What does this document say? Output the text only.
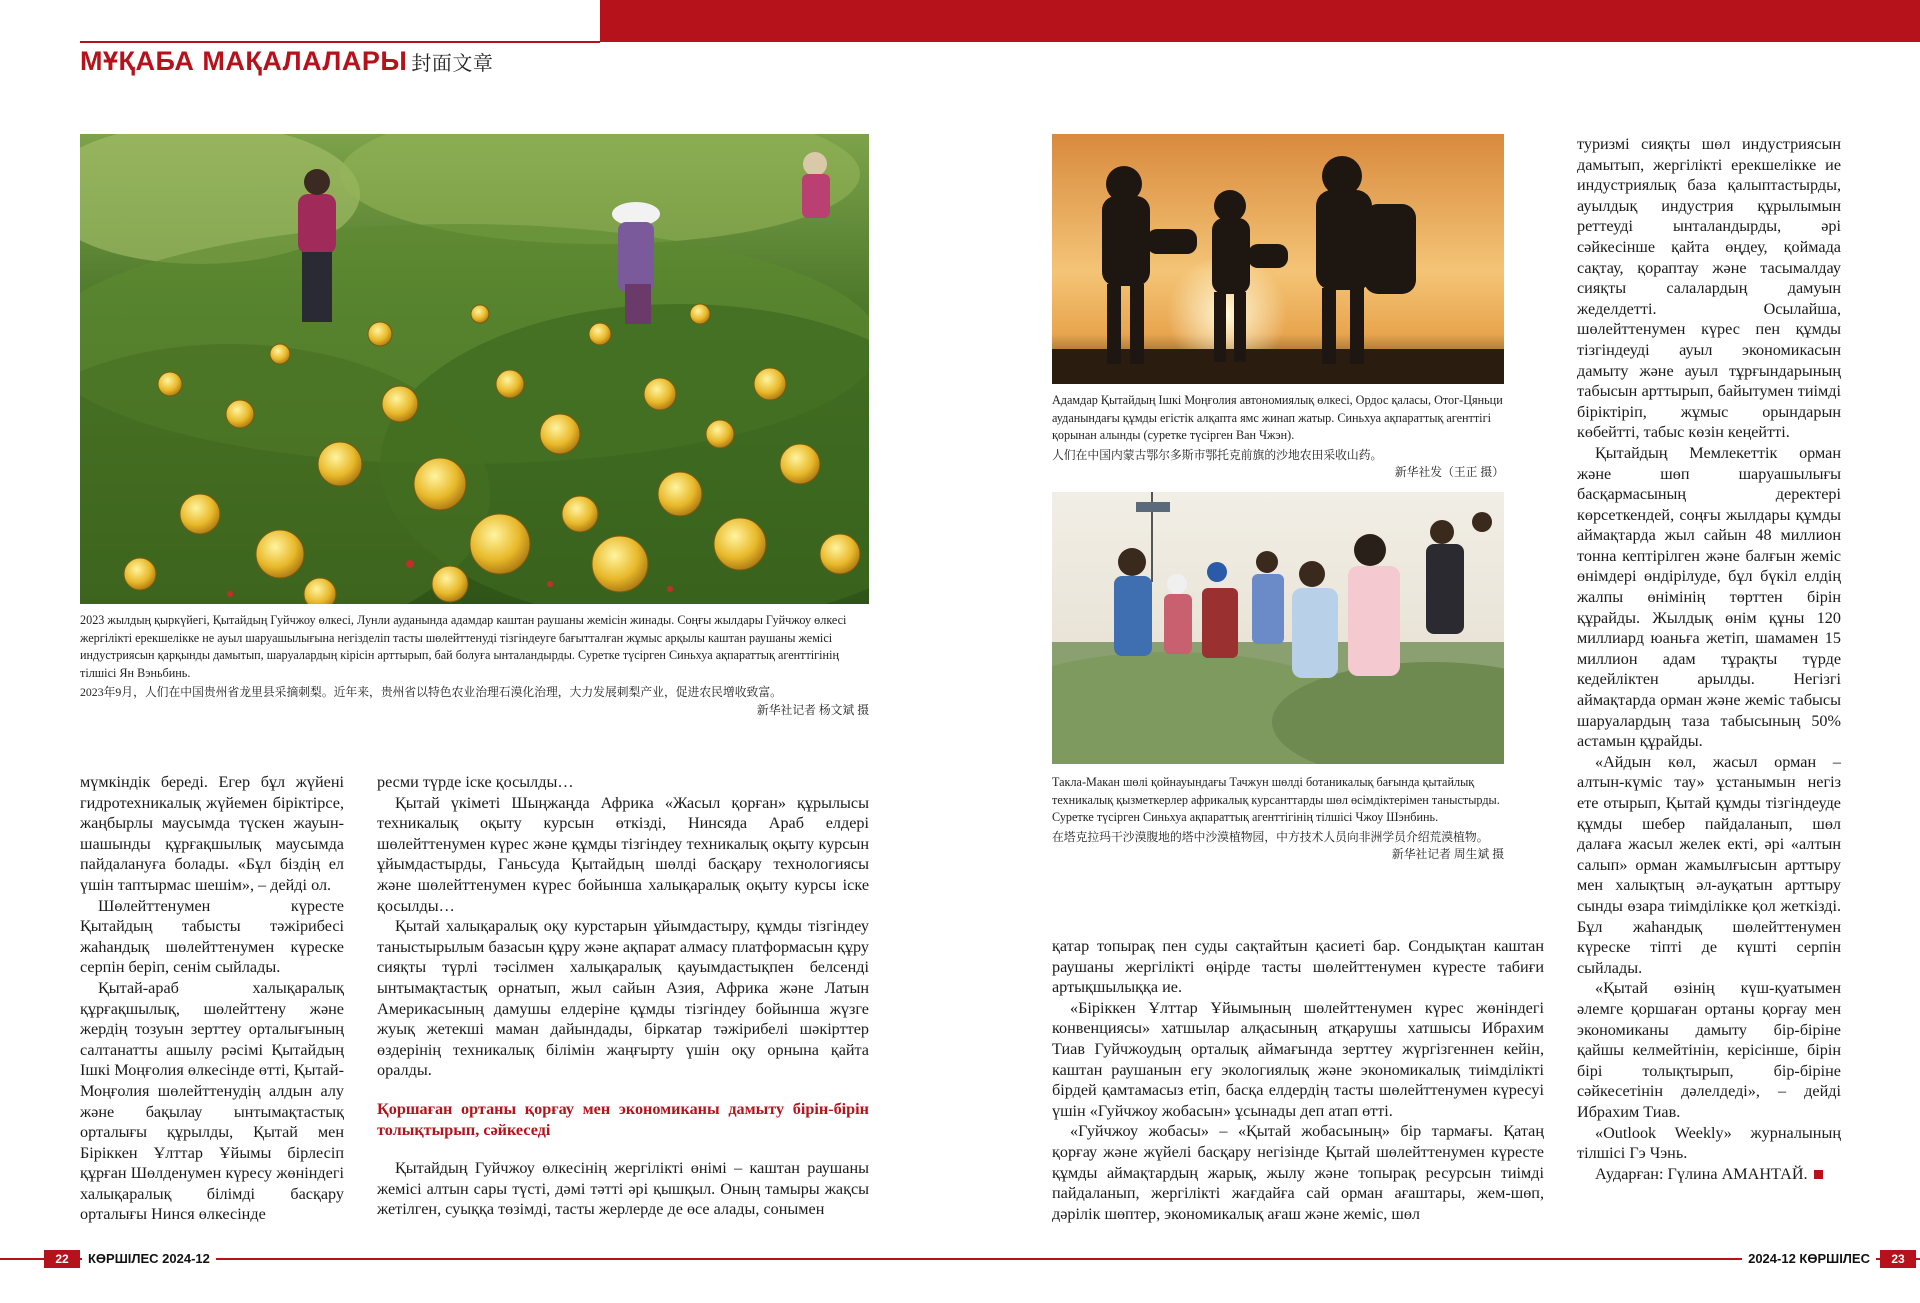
МҰҚАБА МАҚАЛАЛАРЫ 封面文章
2023 жылдың қыркүйегі, Қытайдың Гуйчжоу өлкесі, Лунли ауданында адамдар каштан раушаны жемісін жинады. Соңғы жылдары Гуйчжоу өлкесі жергілікті ерекшелікке не ауыл шаруашылығына негізделіп тасты шөлейттенуді тізгіндеуге бағытталған жұмыс арқылы каштан раушаны жемісі индустриясын қарқынды дамытып, шаруалардың кірісін арттырып, бай болуға ынталандырды. Суретке түсірген Синьхуа ақпараттық агенттігінің тілшісі Ян Вэньбинь.
2023年9月，人们在中国贵州省龙里县采摘刺梨。近年来，贵州省以特色农业治理石漠化治理，大力发展刺梨产业，促进农民增收致富。
新华社记者 杨文斌 摄
Адамдар Қытайдың Ішкі Моңғолия автономиялық өлкесі, Ордос қаласы, Отог-Цяньци ауданындағы құмды егістік алқапта ямс жинап жатыр. Синьхуа ақпараттық агенттігі қорынан алынды (суретке түсірген Ван Чжэн).
人们在中国内蒙古鄂尔多斯市鄂托克前旗的沙地农田采收山药。
新华社发（王正 摄）
Такла-Макан шөлі қойнауындағы Тачжун шөлді ботаникалық бағында қытайлық техникалық қызметкерлер африкалық курсанттарды шөл өсімдіктерімен таныстырды. Суретке түсірген Синьхуа ақпараттық агенттігінің тілшісі Чжоу Шэнбинь.
在塔克拉玛干沙漠腹地的塔中沙漠植物园，中方技术人员向非洲学员介绍荒漠植物。
新华社记者 周生斌 摄

мүмкіндік береді. Егер бұл жүйені гидротехникалық жүйемен біріктірсе, жаңбырлы маусымда түскен жауын-шашынды құрғақшылық маусымда пайдалануға болады. «Бұл біздің ел үшін таптырмас шешім», – дейді ол.

Шөлейттенумен күресте Қытайдың табысты тәжірибесі жаһандық шөлейттенумен күреске серпін беріп, сенім сыйлады.

Қытай-араб халықаралық құрғақшылық, шөлейттену және жердің тозуын зерттеу орталығының салтанатты ашылу рәсімі Қытайдың Ішкі Моңғолия өлкесінде өтті, Қытай-Моңғолия шөлейттенудің алдын алу және бақылау ынтымақтастық орталығы құрылды, Қытай мен Біріккен Ұлттар Ұйымы бірлесіп құрған Шөлденумен күресу жөніндегі халықаралық білімді басқару орталығы Нинся өлкесінде

ресми түрде іске қосылды…

Қытай үкіметі Шыңжаңда Африка «Жасыл қорған» құрылысы техникалық оқыту курсын өткізді, Нинсяда Араб елдері шөлейттенумен күрес және құмды тізгіндеу техникалық оқыту курсын ұйымдастырды, Ганьсуда Қытайдың шөлді басқару технологиясы және шөлейттенумен күрес бойынша халықаралық оқыту курсы іске қосылды…

Қытай халықаралық оқу курстарын ұйымдастыру, құмды тізгіндеу таныстырылым базасын құру және ақпарат алмасу платформасын құру сияқты түрлі тәсілмен халықаралық қауымдастықпен белсенді ынтымақтастық орнатып, жыл сайын Азия, Африка және Латын Америкасының дамушы елдеріне құмды тізгіндеу бойынша жүзге жуық жетекші маман дайындады, біркатар тәжірибелі шәкірттер өздерінің техникалық білімін жаңғырту үшін оқу орнына қайта оралды.

Қоршаған ортаны қорғау мен экономиканы дамыту бірін-бірін толықтырып, сәйкеседі

Қытайдың Гуйчжоу өлкесінің жергілікті өнімі – каштан раушаны жемісі алтын сары түсті, дәмі тәтті әрі қышқыл. Оның тамыры жақсы жетілген, суыққа төзімді, тасты жерлерде де өсе алады, сонымен

қатар топырақ пен суды сақтайтын қасиеті бар. Сондықтан каштан раушаны жергілікті өңірде тасты шөлейттенумен күресте табиғи артықшылыққа ие.

«Біріккен Ұлттар Ұйымының шөлейттенумен күрес жөніндегі конвенциясы» хатшылар алқасының атқарушы хатшысы Ибрахим Тиав Гуйчжоудың орталық аймағында зерттеу жүргізгеннен кейін, каштан раушанын егу экологиялық және экономикалық тиімділікті бірдей қамтамасыз етіп, басқа елдердің тасты шөлейттенумен күресуі үшін «Гуйчжоу жобасын» ұсынады деп атап өтті.

«Гуйчжоу жобасы» – «Қытай жобасының» бір тармағы. Қатаң қорғау және жүйелі басқару негізінде Қытай шөлейттенумен күресте құмды аймақтардың жарық, жылу және топырақ ресурсын тиімді пайдаланып, жергілікті жағдайға сай орман ағаштары, жем-шөп, дәрілік шөптер, экономикалық ағаш және жеміс, шөл

туризмі сияқты шөл индустриясын дамытып, жергілікті ерекшелікке ие индустриялық база қалыптастырды, ауылдық индустрия құрылымын реттеуді ынталандырды, әрі сәйкесінше қайта өңдеу, қоймада сақтау, қораптау және тасымалдау сияқты салалардың дамуын жеделдетті. Осылайша, шөлейттенумен күрес пен құмды тізгіндеуді ауыл экономикасын дамыту және ауыл тұрғындарының табысын арттырып, байытумен тиімді біріктіріп, жұмыс орындарын көбейтті, табыс көзін кеңейтті.

Қытайдың Мемлекеттік орман және шөп шаруашылығы басқармасының деректері көрсеткендей, соңғы жылдары құмды аймақтарда жыл сайын 48 миллион тонна кептірілген және балғын жеміс өнімдері өндірілуде, бұл бүкіл елдің жалпы өнімінің төрттен бірін құрайды. Жылдық өнім құны 120 миллиард юаньға жетіп, шамамен 15 миллион адам тұрақты түрде кедейліктен арылды. Негізгі аймақтарда орман және жеміс табысы шаруалардың таза табысының 50% астамын құрайды.

«Айдын көл, жасыл орман – алтын-күміс тау» ұстанымын негіз ете отырып, Қытай құмды тізгіндеуде құмды шебер пайдаланып, шөл далаға жасыл желек екті, әрі «алтын салып» орман жамылғысын арттыру мен халықтың әл-ауқатын арттыру сынды өзара тиімділікке қол жеткізді. Бұл жаһандық шөлейттенумен күреске тіпті де күшті серпін сыйлады.

«Қытай өзінің күш-қуатымен әлемге қоршаған ортаны қорғау мен экономиканы дамыту бір-біріне қайшы келмейтінін, керісінше, бірін бірі толықтырып, бір-біріне сәйкесетінін дәлелдеді», – дейді Ибрахим Тиав.

«Outlook Weekly» журналының тілшісі Гэ Чэнь.

Аударған: Гүлина АМАНТАЙ.

22	КӨРШІЛЕС 2024-12	2024-12 КӨРШІЛЕС	23
